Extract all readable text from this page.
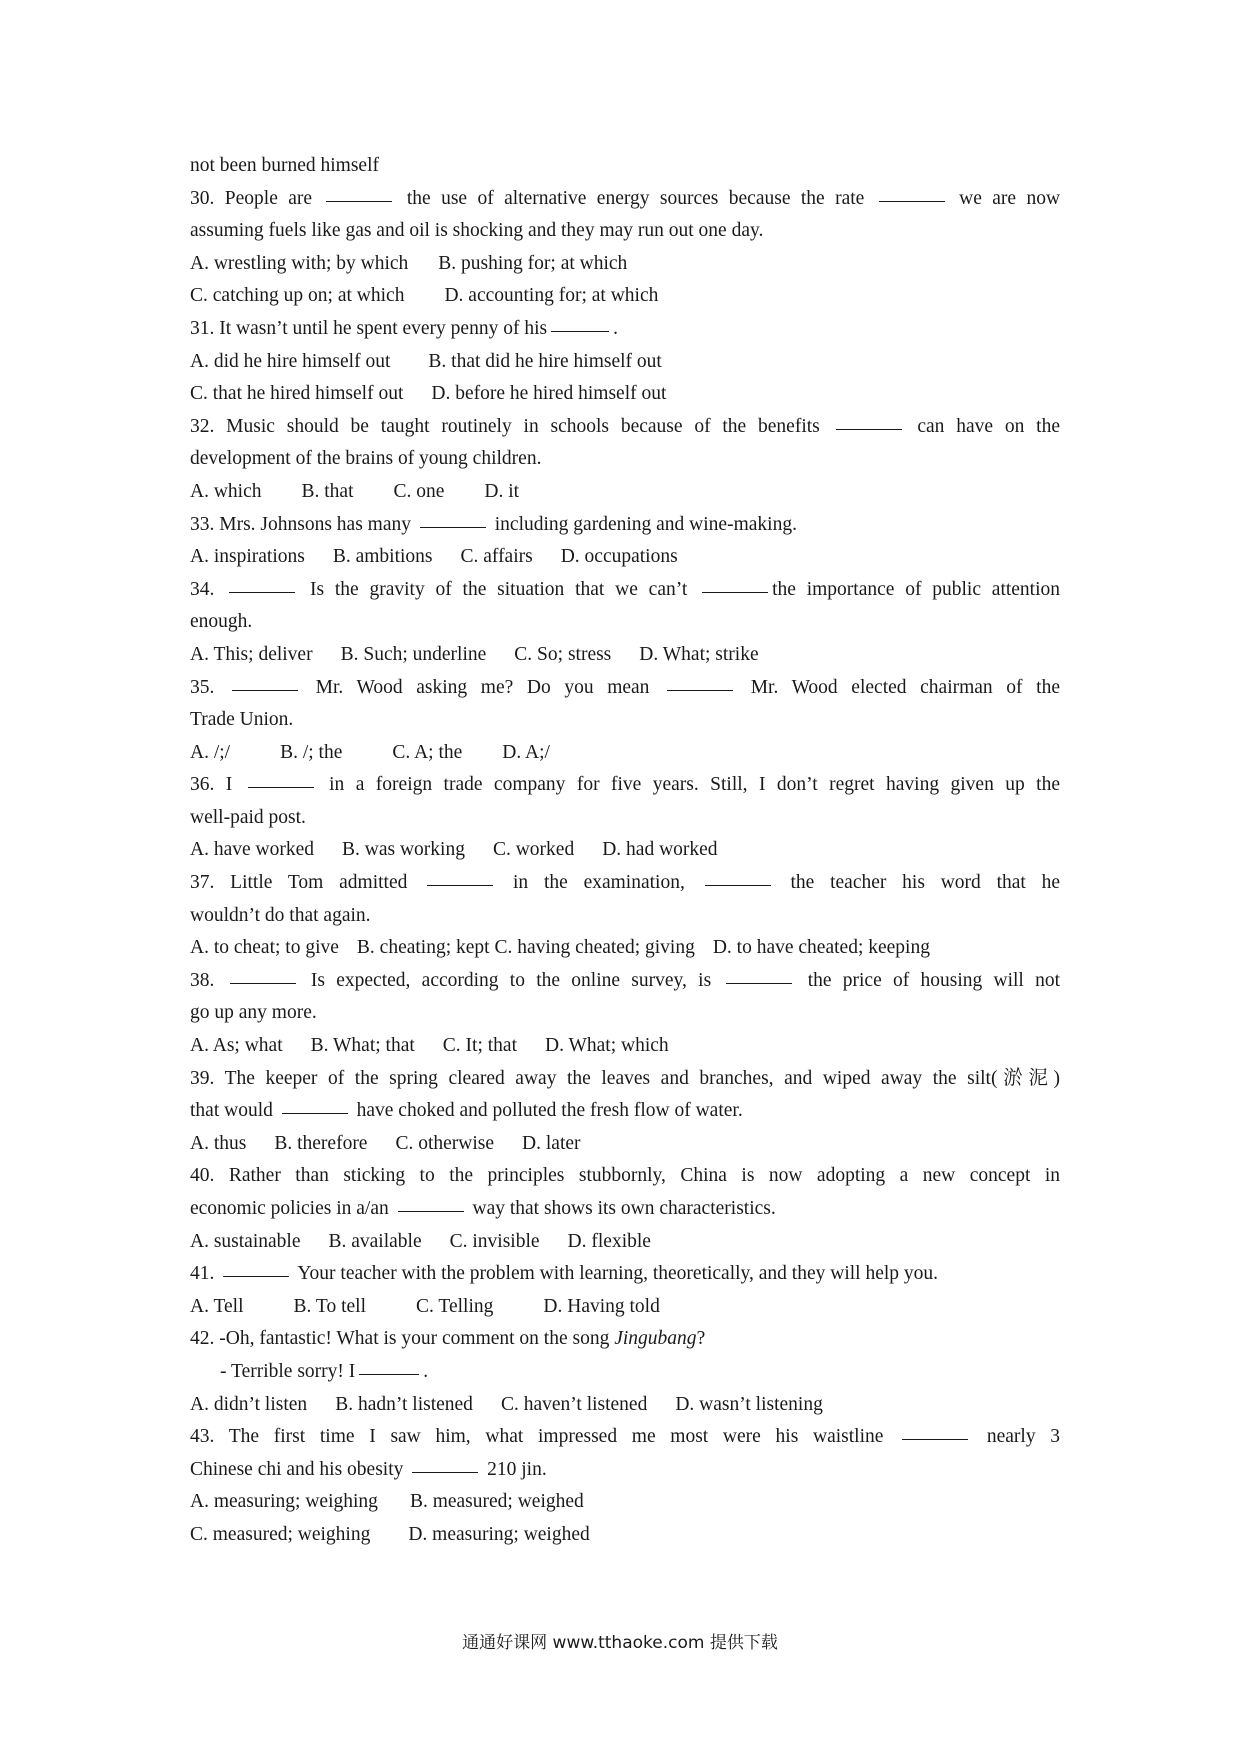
not been burned himself
30. People are	the use of alternative energy sources because the rate	we are now
assuming fuels like gas and oil is shocking and they may run out one day.
A. wrestling with; by which B. pushing for; at which
C. catching up on; at which D. accounting for; at which
31. It wasn’t until he spent every penny of his	.
A. did he hire himself out B. that did he hire himself out
C. that he hired himself out D. before he hired himself out
32. Music should be taught routinely in schools because of the benefits	can have on the
development of the brains of young children.
A. which B. that C. one D. it
33. Mrs. Johnsons has many	including gardening and wine-making.
A. inspirations B. ambitions C. affairs D. occupations
34.	Is the gravity of the situation that we can’t	the importance of public attention
enough.
A. This; deliver B. Such; underline C. So; stress D. What; strike
35.	Mr. Wood asking me? Do you mean	Mr. Wood elected chairman of the
Trade Union.
A. /;/	B. /; the	C. A; the D. A;/
36. I	in a foreign trade company for five years. Still, I don’t regret having given up the
well-paid post.
A. have worked B. was working C. worked D. had worked
37. Little Tom admitted	in the examination,	the teacher his word that he
wouldn’t do that again.
A. to cheat; to give B. cheating; kept C. having cheated; giving D. to have cheated; keeping
38.	Is expected, according to the online survey, is	the price of housing will not
go up any more.
A. As; what B. What; that C. It; that D. What; which
39. The keeper of the spring cleared away the leaves and branches, and wiped away the silt(淤泥)
that would	have choked and polluted the fresh flow of water.
A. thus B. therefore C. otherwise D. later
40. Rather than sticking to the principles stubbornly, China is now adopting a new concept in
economic policies in a/an	way that shows its own characteristics.
A. sustainable B. available C. invisible D. flexible
41.	Your teacher with the problem with learning, theoretically, and they will help you.
A. Tell	B. To tell	C. Telling	D. Having told
42. -Oh, fantastic! What is your comment on the song Jingubang?
- Terrible sorry! I	.
A. didn’t listen B. hadn’t listened C. haven’t listened D. wasn’t listening
43. The first time I saw him, what impressed me most were his waistline	nearly 3
Chinese chi and his obesity	210 jin.
A. measuring; weighing B. measured; weighed
C. measured; weighing D. measuring; weighed
通通好课网 www.tthaoke.com 提供下载
